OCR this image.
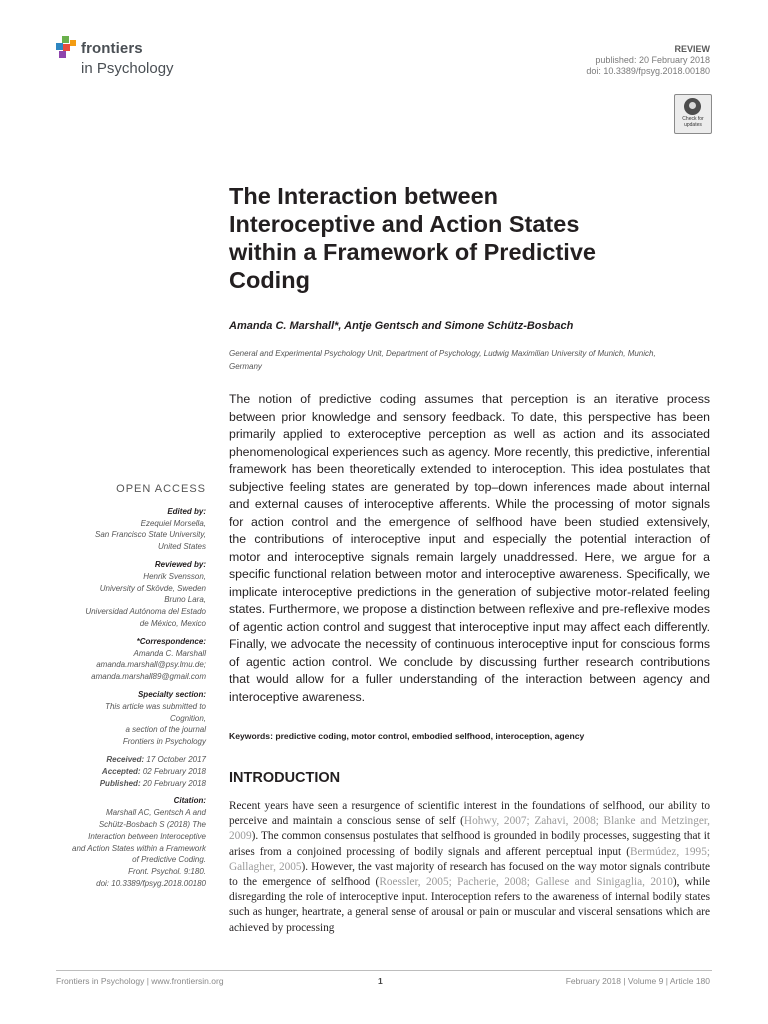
frontiers
in Psychology
REVIEW
published: 20 February 2018
doi: 10.3389/fpsyg.2018.00180
Check for
updates
The Interaction between
Interoceptive and Action States
within a Framework of Predictive
Coding
Amanda C. Marshall*, Antje Gentsch and Simone Schütz-Bosbach
General and Experimental Psychology Unit, Department of Psychology, Ludwig Maximilian University of Munich, Munich,
Germany
The notion of predictive coding assumes that perception is an iterative process
between prior knowledge and sensory feedback. To date, this perspective has been
primarily applied to exteroceptive perception as well as action and its associated
phenomenological experiences such as agency. More recently, this predictive, inferential
framework has been theoretically extended to interoception. This idea postulates that
subjective feeling states are generated by top–down inferences made about internal
and external causes of interoceptive afferents. While the processing of motor signals
for action control and the emergence of selfhood have been studied extensively,
the contributions of interoceptive input and especially the potential interaction of
motor and interoceptive signals remain largely unaddressed. Here, we argue for a
specific functional relation between motor and interoceptive awareness. Specifically, we
implicate interoceptive predictions in the generation of subjective motor-related feeling
states. Furthermore, we propose a distinction between reflexive and pre-reflexive modes
of agentic action control and suggest that interoceptive input may affect each differently.
Finally, we advocate the necessity of continuous interoceptive input for conscious forms
of agentic action control. We conclude by discussing further research contributions
that would allow for a fuller understanding of the interaction between agency and
interoceptive awareness.
Keywords: predictive coding, motor control, embodied selfhood, interoception, agency
INTRODUCTION
Recent years have seen a resurgence of scientific interest in the foundations of selfhood, our ability to perceive and maintain a conscious sense of self (Hohwy, 2007; Zahavi, 2008; Blanke and Metzinger, 2009). The common consensus postulates that selfhood is grounded in bodily processes, suggesting that it arises from a conjoined processing of bodily signals and afferent perceptual input (Bermúdez, 1995; Gallagher, 2005). However, the vast majority of research has focused on the way motor signals contribute to the emergence of selfhood (Roessler, 2005; Pacherie, 2008; Gallese and Sinigaglia, 2010), while disregarding the role of interoceptive input. Interoception refers to the awareness of internal bodily states such as hunger, heartrate, a general sense of arousal or pain or muscular and visceral sensations which are achieved by processing
OPEN ACCESS
Edited by:
Ezequiel Morsella,
San Francisco State University,
United States
Reviewed by:
Henrik Svensson,
University of Skövde, Sweden
Bruno Lara,
Universidad Autónoma del Estado
de México, Mexico
*Correspondence:
Amanda C. Marshall
amanda.marshall@psy.lmu.de;
amanda.marshall89@gmail.com
Specialty section:
This article was submitted to
Cognition,
a section of the journal
Frontiers in Psychology
Received: 17 October 2017
Accepted: 02 February 2018
Published: 20 February 2018
Citation:
Marshall AC, Gentsch A and
Schütz-Bosbach S (2018) The
Interaction between Interoceptive
and Action States within a Framework
of Predictive Coding.
Front. Psychol. 9:180.
doi: 10.3389/fpsyg.2018.00180
Frontiers in Psychology | www.frontiersin.org	1	February 2018 | Volume 9 | Article 180
